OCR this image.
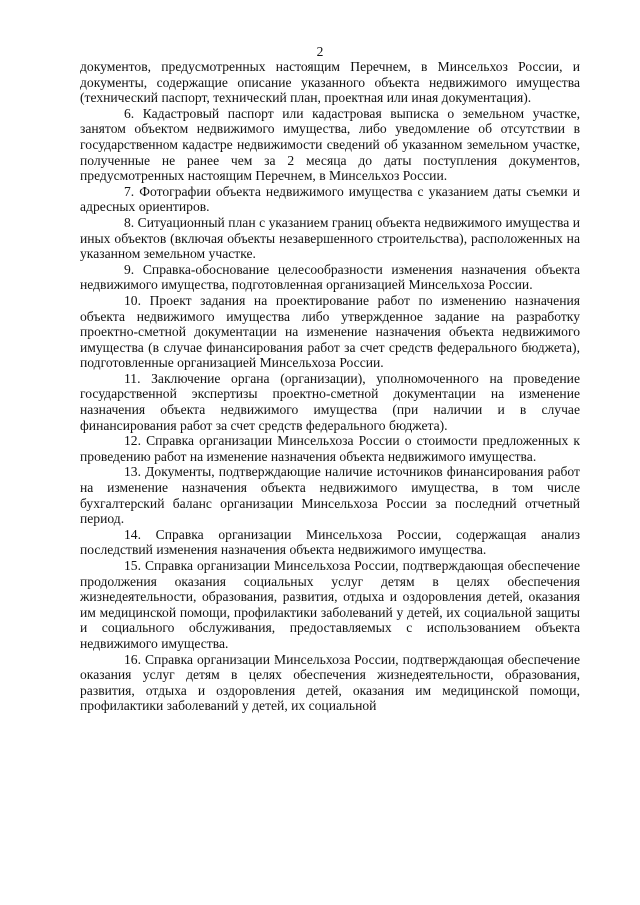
2

документов, предусмотренных настоящим Перечнем, в Минсельхоз России, и документы, содержащие описание указанного объекта недвижимого имущества (технический паспорт, технический план, проектная или иная документация).

6. Кадастровый паспорт или кадастровая выписка о земельном участке, занятом объектом недвижимого имущества, либо уведомление об отсутствии в государственном кадастре недвижимости сведений об указанном земельном участке, полученные не ранее чем за 2 месяца до даты поступления документов, предусмотренных настоящим Перечнем, в Минсельхоз России.

7. Фотографии объекта недвижимого имущества с указанием даты съемки и адресных ориентиров.

8. Ситуационный план с указанием границ объекта недвижимого имущества и иных объектов (включая объекты незавершенного строительства), расположенных на указанном земельном участке.

9. Справка-обоснование целесообразности изменения назначения объекта недвижимого имущества, подготовленная организацией Минсельхоза России.

10. Проект задания на проектирование работ по изменению назначения объекта недвижимого имущества либо утвержденное задание на разработку проектно-сметной документации на изменение назначения объекта недвижимого имущества (в случае финансирования работ за счет средств федерального бюджета), подготовленные организацией Минсельхоза России.

11. Заключение органа (организации), уполномоченного на проведение государственной экспертизы проектно-сметной документации на изменение назначения объекта недвижимого имущества (при наличии и в случае финансирования работ за счет средств федерального бюджета).

12. Справка организации Минсельхоза России о стоимости предложенных к проведению работ на изменение назначения объекта недвижимого имущества.

13. Документы, подтверждающие наличие источников финансирования работ на изменение назначения объекта недвижимого имущества, в том числе бухгалтерский баланс организации Минсельхоза России за последний отчетный период.

14. Справка организации Минсельхоза России, содержащая анализ последствий изменения назначения объекта недвижимого имущества.

15. Справка организации Минсельхоза России, подтверждающая обеспечение продолжения оказания социальных услуг детям в целях обеспечения жизнедеятельности, образования, развития, отдыха и оздоровления детей, оказания им медицинской помощи, профилактики заболеваний у детей, их социальной защиты и социального обслуживания, предоставляемых с использованием объекта недвижимого имущества.

16. Справка организации Минсельхоза России, подтверждающая обеспечение оказания услуг детям в целях обеспечения жизнедеятельности, образования, развития, отдыха и оздоровления детей, оказания им медицинской помощи, профилактики заболеваний у детей, их социальной
